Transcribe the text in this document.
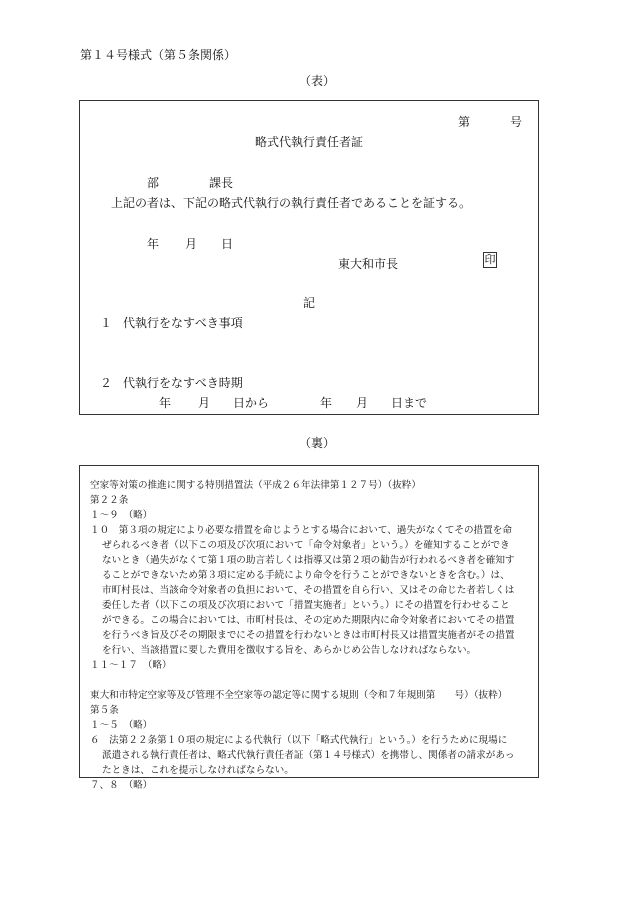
第１４号様式（第５条関係）
（表）
第	号
略式代執行責任者証
部	課長
上記の者は、下記の略式代執行の執行責任者であることを証する。
年 月 日
東大和市長	印
記
１ 代執行をなすべき事項
２ 代執行をなすべき時期
年 月 日から	年 月 日まで
（裏）
空家等対策の推進に関する特別措置法（平成２６年法律第１２７号）（抜粋）
第２２条
１～９　（略）
１０　第３項の規定により必要な措置を命じようとする場合において、過失がなくてその措置を命
ぜられるべき者（以下この項及び次項において「命令対象者」という。）を確知することができ
ないとき（過失がなくて第１項の助言若しくは指導又は第２項の勧告が行われるべき者を確知す
ることができないため第３項に定める手続により命令を行うことができないときを含む。）は、
市町村長は、当該命令対象者の負担において、その措置を自ら行い、又はその命じた者若しくは
委任した者（以下この項及び次項において「措置実施者」という。）にその措置を行わせること
ができる。この場合においては、市町村長は、その定めた期限内に命令対象者においてその措置
を行うべき旨及びその期限までにその措置を行わないときは市町村長又は措置実施者がその措置
を行い、当該措置に要した費用を徴収する旨を、あらかじめ公告しなければならない。
１１～１７　（略）
東大和市特定空家等及び管理不全空家等の認定等に関する規則（令和７年規則第　　号）（抜粋）
第５条
１～５　（略）
６　法第２２条第１０項の規定による代執行（以下「略式代執行」という。）を行うために現場に
派遣される執行責任者は、略式代執行責任者証（第１４号様式）を携帯し、関係者の請求があっ
たときは、これを提示しなければならない。
７、８　（略）
